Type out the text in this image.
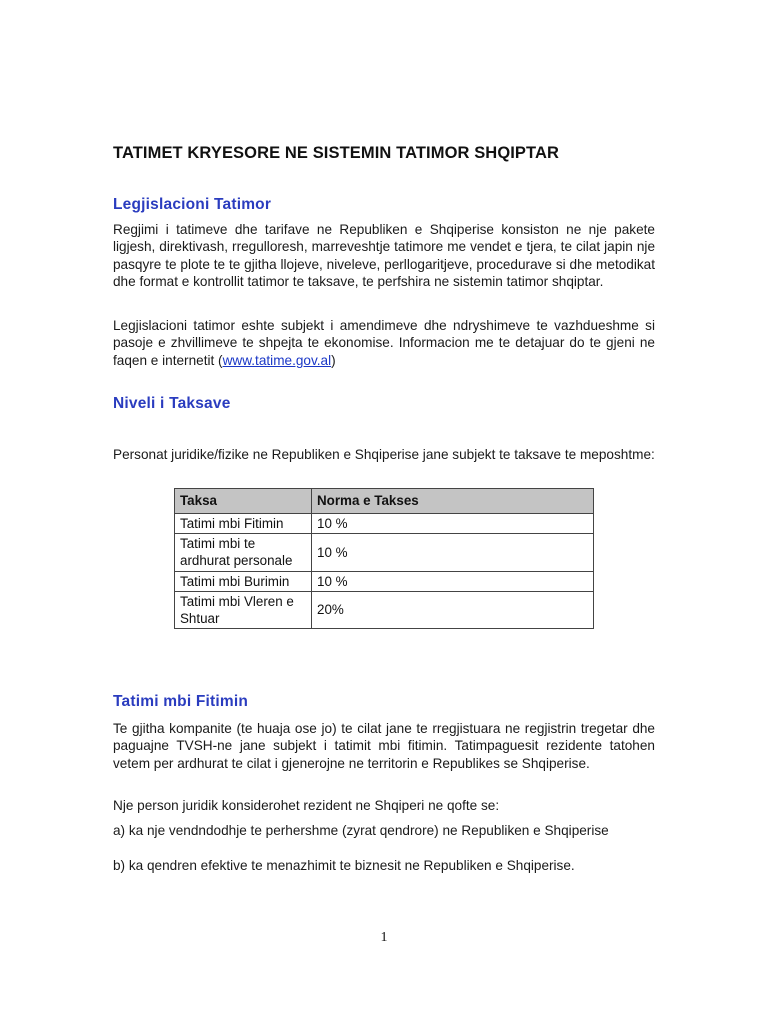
TATIMET KRYESORE NE SISTEMIN TATIMOR SHQIPTAR
Legjislacioni Tatimor

Regjimi i tatimeve dhe tarifave ne Republiken e Shqiperise konsiston ne nje pakete ligjesh, direktivash, rregulloresh, marreveshtje tatimore me vendet e tjera, te cilat japin nje pasqyre te plote te te gjitha llojeve, niveleve, perllogaritjeve, procedurave si dhe metodikat dhe format e kontrollit tatimor te taksave, te perfshira ne sistemin tatimor shqiptar.

Legjislacioni tatimor eshte subjekt i amendimeve dhe ndryshimeve te vazhdueshme si pasoje e zhvillimeve te shpejta te ekonomise. Informacion me te detajuar do te gjeni ne faqen e internetit (www.tatime.gov.al)

Niveli i Taksave

Personat juridike/fizike ne Republiken e Shqiperise jane subjekt te taksave te meposhtme:

Taksa	Norma e Takses
Tatimi mbi Fitimin	10 %
Tatimi mbi te ardhurat personale	10 %
Tatimi mbi Burimin	10 %
Tatimi mbi Vleren e Shtuar	20%
Tatimi mbi Fitimin

Te gjitha kompanite (te huaja ose jo) te cilat jane te rregjistuara ne regjistrin tregetar dhe paguajne TVSH-ne jane subjekt i tatimit mbi fitimin. Tatimpaguesit rezidente tatohen vetem per ardhurat te cilat i gjenerojne ne territorin e Republikes se Shqiperise.

Nje person juridik konsiderohet rezident ne Shqiperi ne qofte se:

a) ka nje vendndodhje te perhershme (zyrat qendrore) ne Republiken e Shqiperise

b) ka qendren efektive te menazhimit te biznesit ne Republiken e Shqiperise.

1
